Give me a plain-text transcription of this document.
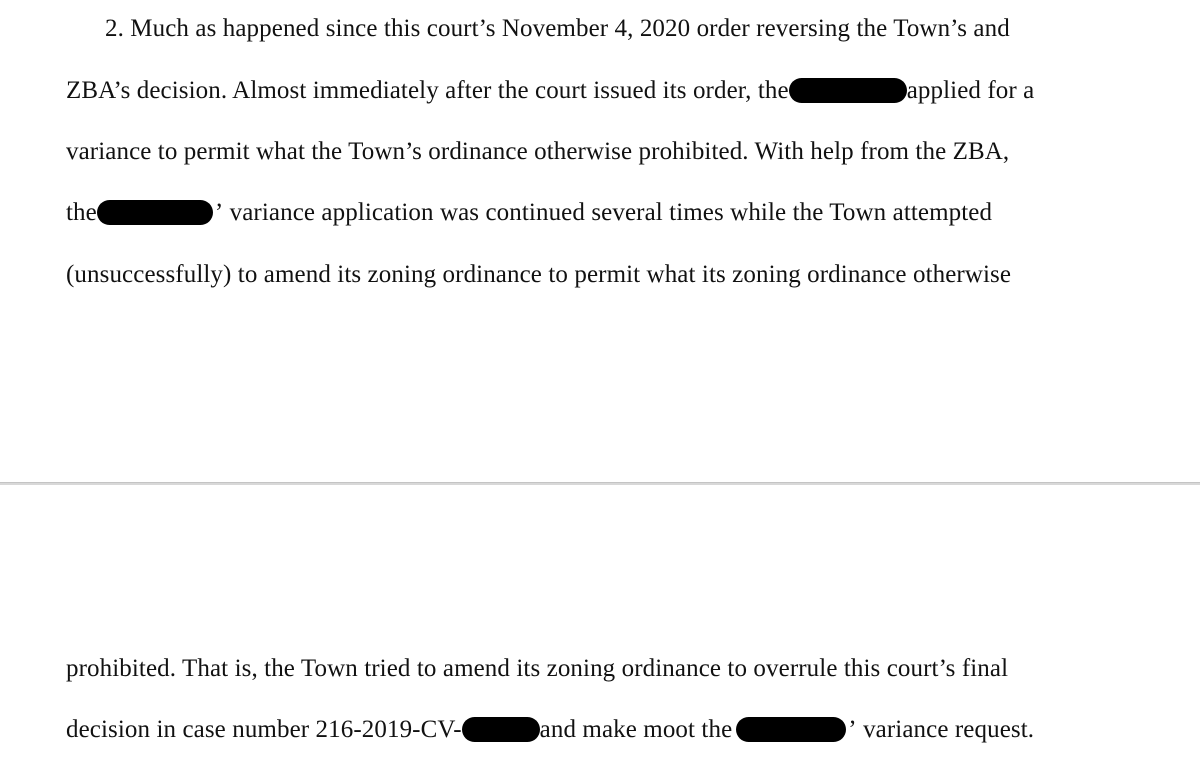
2. Much as happened since this court’s November 4, 2020 order reversing the Town’s and
ZBA’s decision. Almost immediately after the court issued its order, the	applied for a
variance to permit what the Town’s ordinance otherwise prohibited. With help from the ZBA,
the	’ variance application was continued several times while the Town attempted
(unsuccessfully) to amend its zoning ordinance to permit what its zoning ordinance otherwise
prohibited. That is, the Town tried to amend its zoning ordinance to overrule this court’s final
decision in case number 216-2019-CV-	and make moot the	’ variance request.
